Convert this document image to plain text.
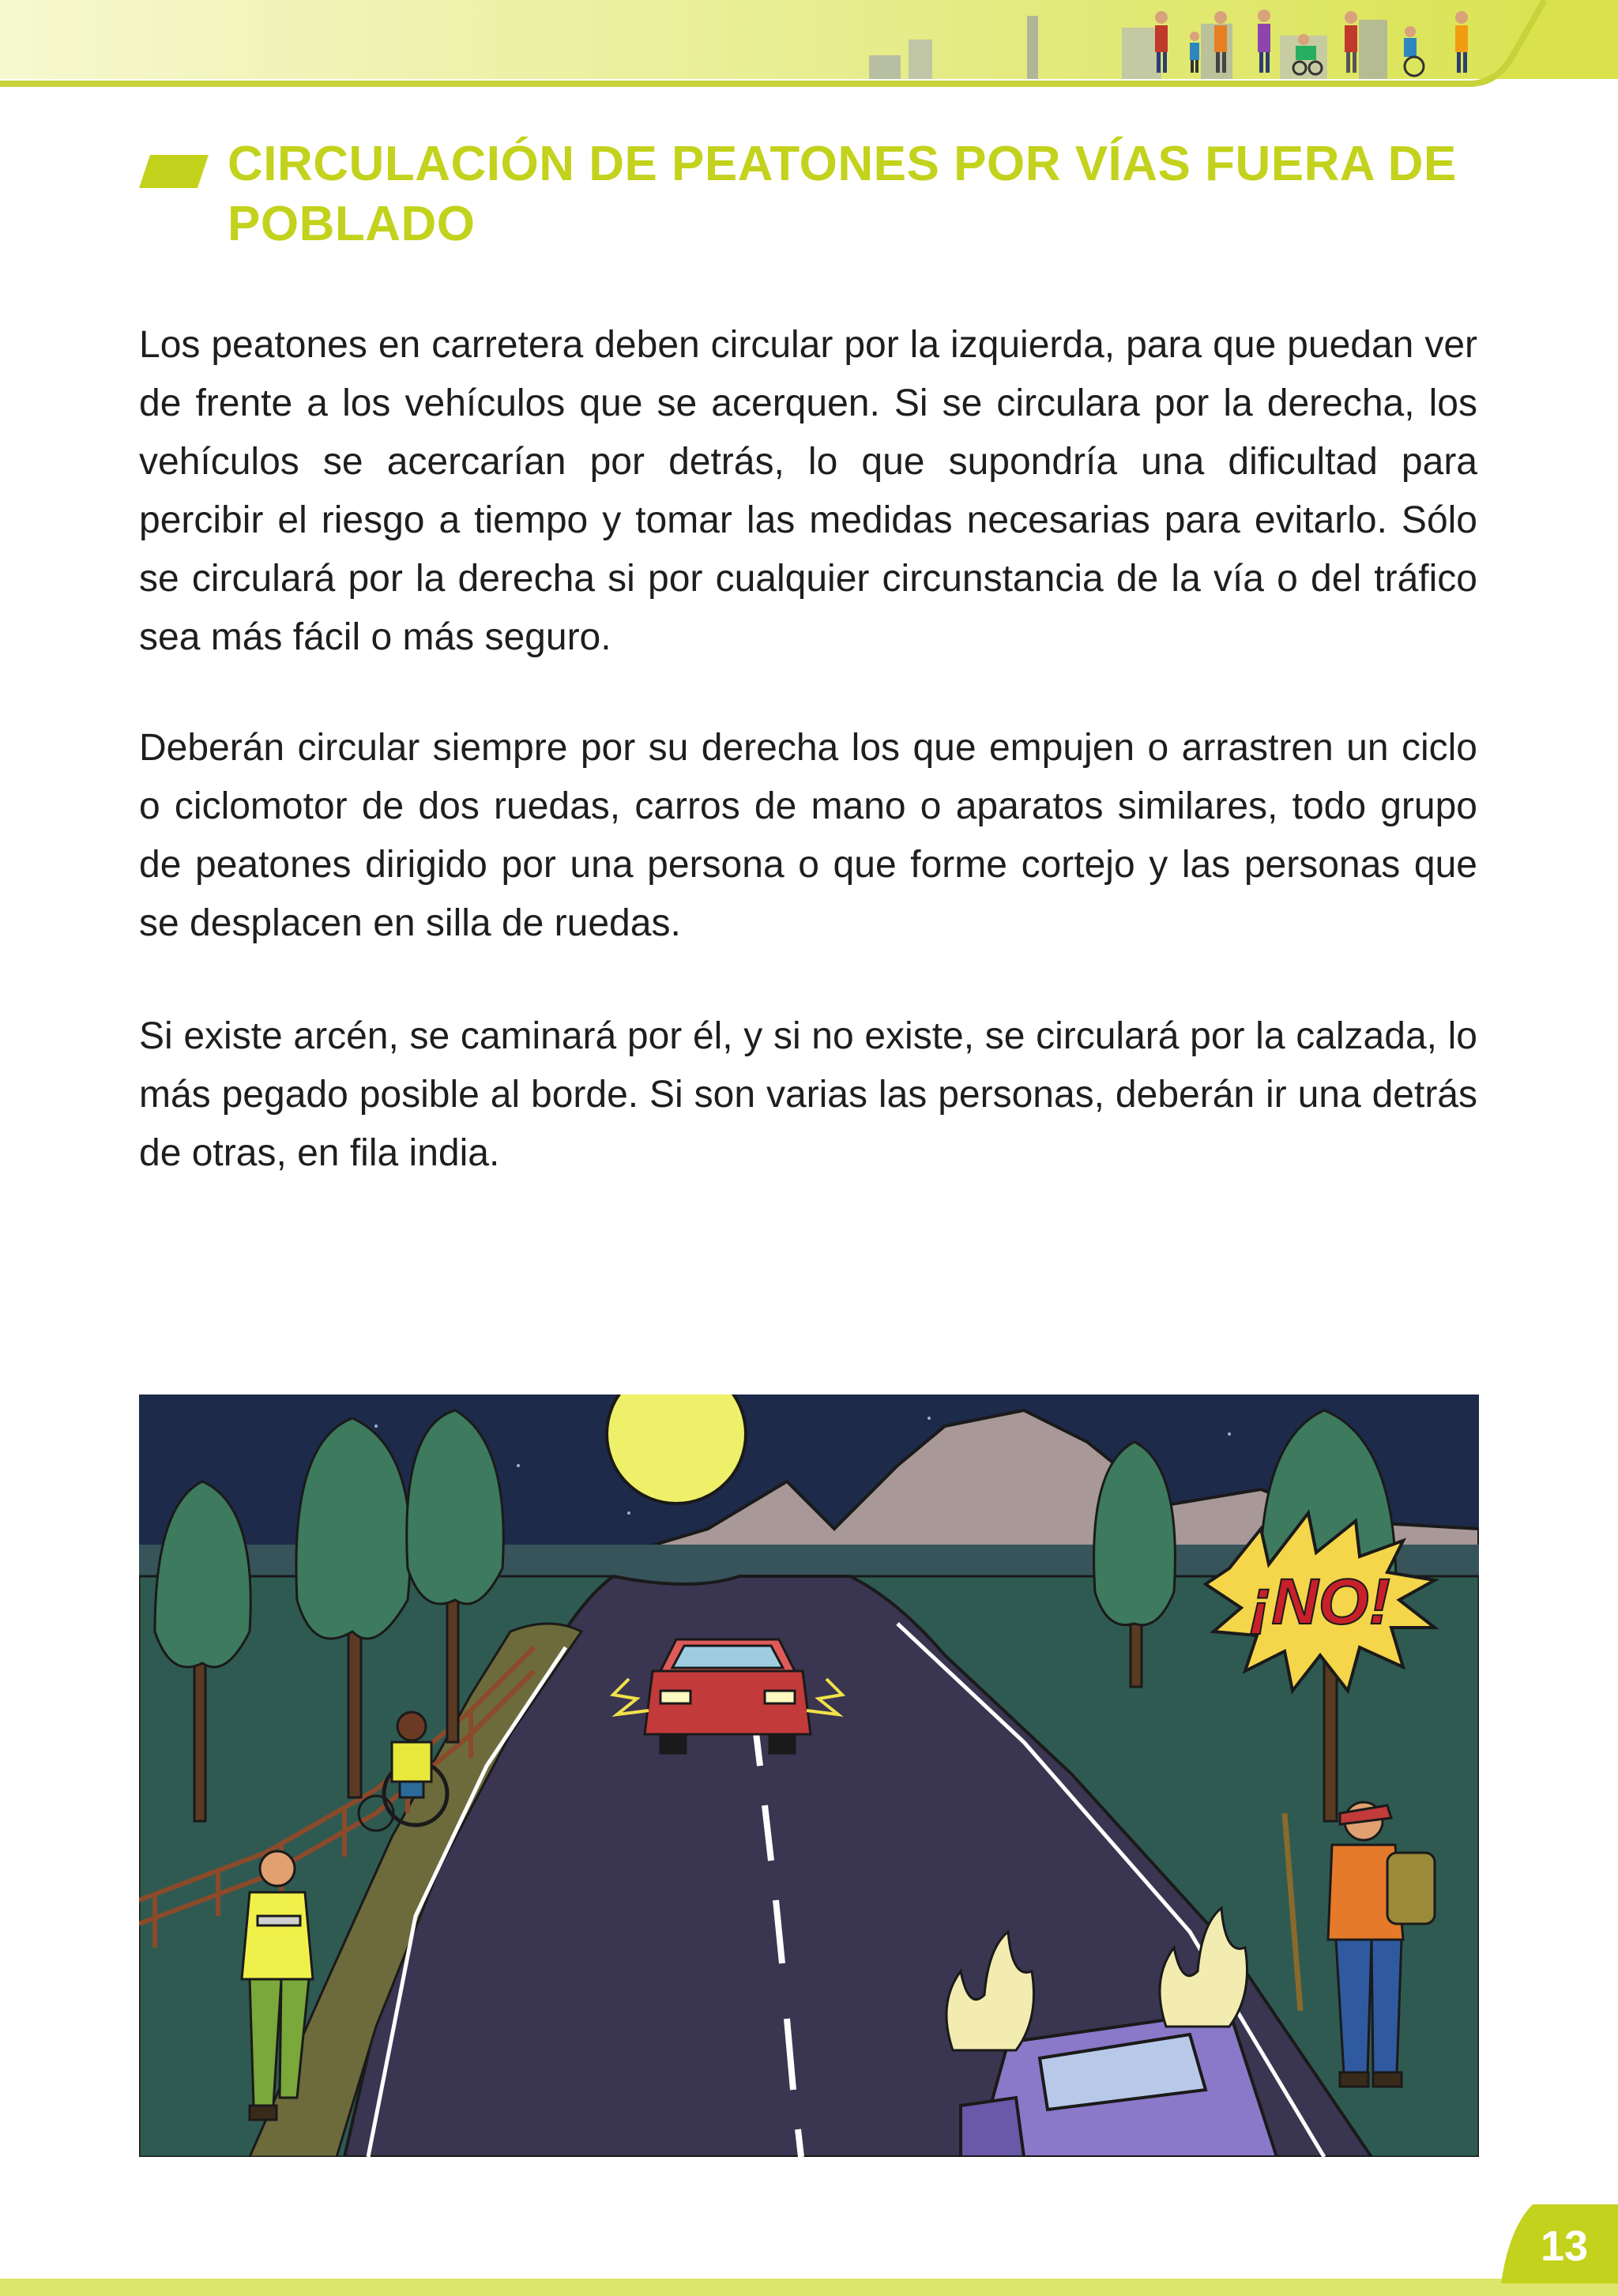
CIRCULACIÓN DE PEATONES POR VÍAS FUERA DE POBLADO

Los peatones en carretera deben circular por la izquierda, para que puedan ver de frente a los vehículos que se acerquen. Si se circulara por la derecha, los vehículos se acercarían por detrás, lo que supondría una dificultad para percibir el riesgo a tiempo y tomar las medidas necesarias para evitarlo. Sólo se circulará por la derecha si por cualquier circunstancia de la vía o del tráfico sea más fácil o más seguro.

Deberán circular siempre por su derecha los que empujen o arrastren un ciclo o ciclomotor de dos ruedas, carros de mano o aparatos similares, todo grupo de peatones dirigido por una persona o que forme cortejo y las personas que se desplacen en silla de ruedas.

Si existe arcén, se caminará por él, y si no existe, se circulará por la calzada, lo más pegado posible al borde. Si son varias las personas, deberán ir una detrás de otras, en fila india.

¡NO!
13
